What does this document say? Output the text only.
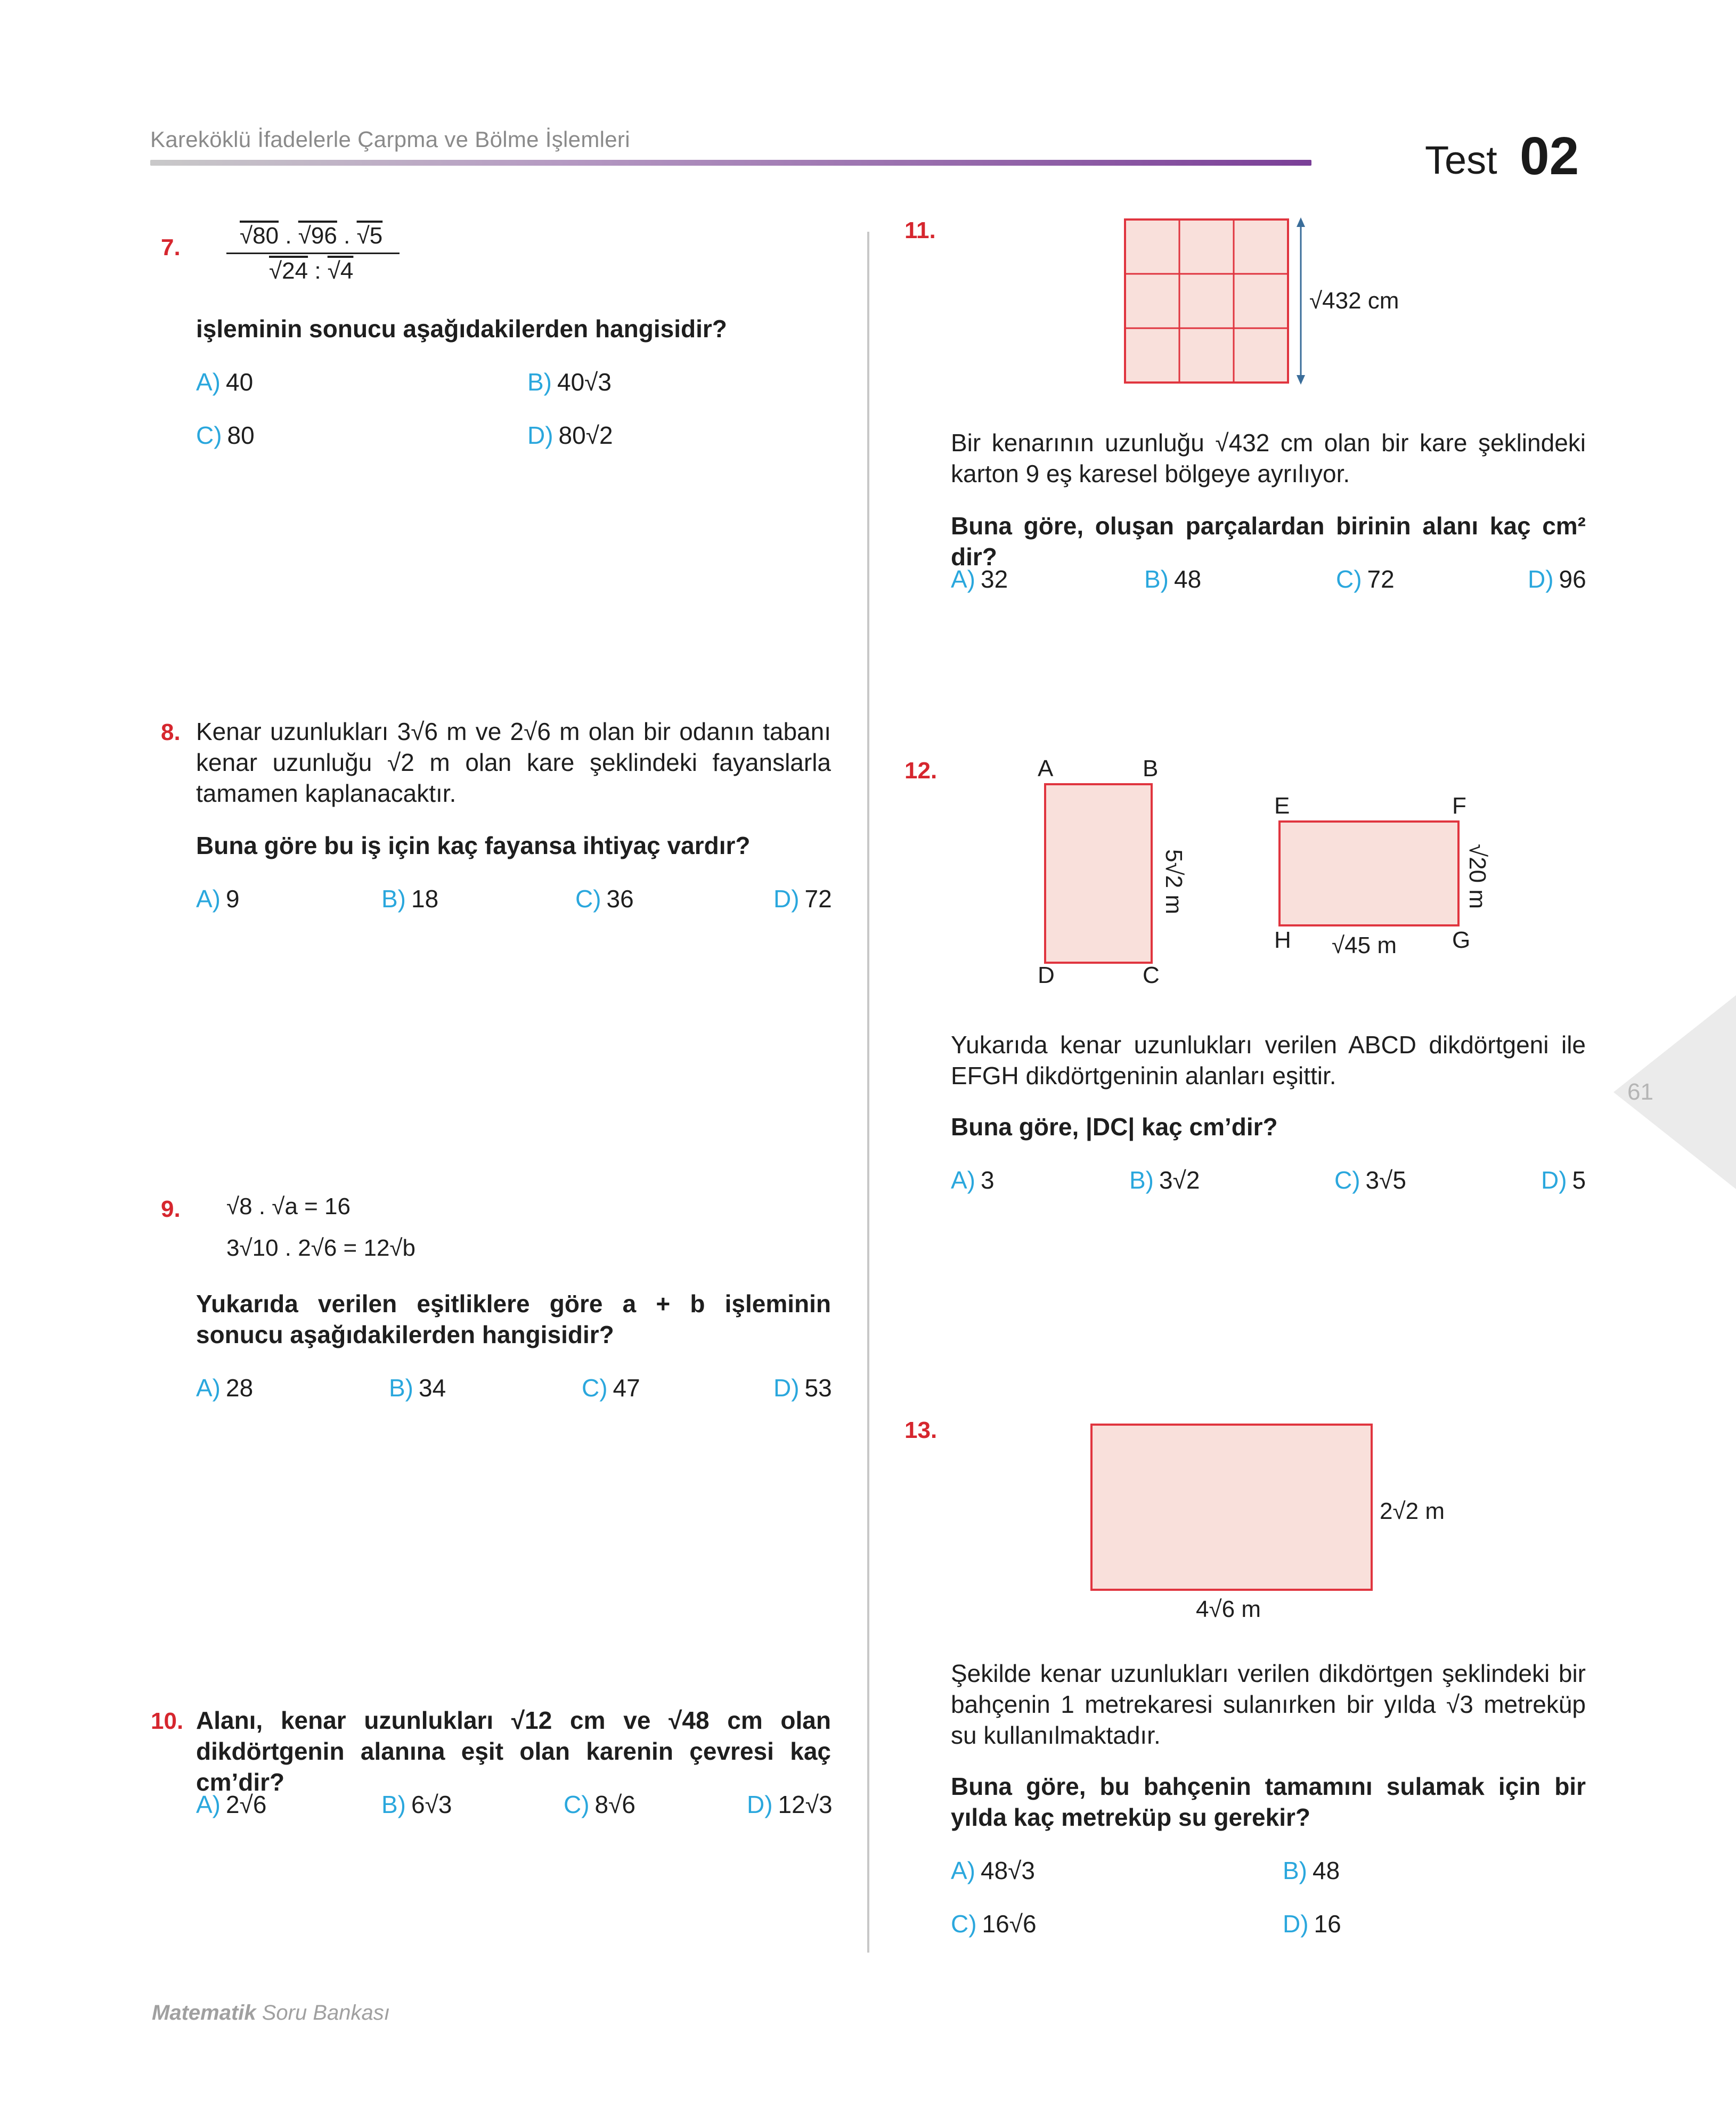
Kareköklü İfadelerle Çarpma ve Bölme İşlemleri	Test 02
7.	√80 . √96 . √5
√24 : √4
işleminin sonucu aşağıdakilerden hangisidir?
A) 40	B) 40√3
C) 80	D) 80√2
8. Kenar uzunlukları 3√6 m ve 2√6 m olan bir odanın tabanı kenar uzunluğu √2 m olan kare şeklindeki fayanslarla tamamen kaplanacaktır.
Buna göre bu iş için kaç fayansa ihtiyaç vardır?
A) 9	B) 18	C) 36	D) 72
9. √8 . √a = 16
3√10 . 2√6 = 12√b
Yukarıda verilen eşitliklere göre a + b işleminin sonucu aşağıdakilerden hangisidir?
A) 28	B) 34	C) 47	D) 53
10. Alanı, kenar uzunlukları √12 cm ve √48 cm olan dikdörtgenin alanına eşit olan karenin çevresi kaç cm’dir?
A) 2√6	B) 6√3	C) 8√6	D) 12√3
11.
√432 cm
Bir kenarının uzunluğu √432 cm olan bir kare şeklindeki karton 9 eş karesel bölgeye ayrılıyor.
Buna göre, oluşan parçalardan birinin alanı kaç cm² dir?
A) 32	B) 48	C) 72	D) 96
12.	A	B
D	C
5√2 m
E	F
H	G
√45 m
√20 m
Yukarıda kenar uzunlukları verilen ABCD dikdörtgeni ile EFGH dikdörtgeninin alanları eşittir.
Buna göre, |DC| kaç cm’dir?
A) 3	B) 3√2	C) 3√5	D) 5
13.
2√2 m
4√6 m
Şekilde kenar uzunlukları verilen dikdörtgen şeklindeki bir bahçenin 1 metrekaresi sulanırken bir yılda √3 metreküp su kullanılmaktadır.
Buna göre, bu bahçenin tamamını sulamak için bir yılda kaç metreküp su gerekir?
A) 48√3	B) 48
C) 16√6	D) 16
61
Matematik Soru Bankası
